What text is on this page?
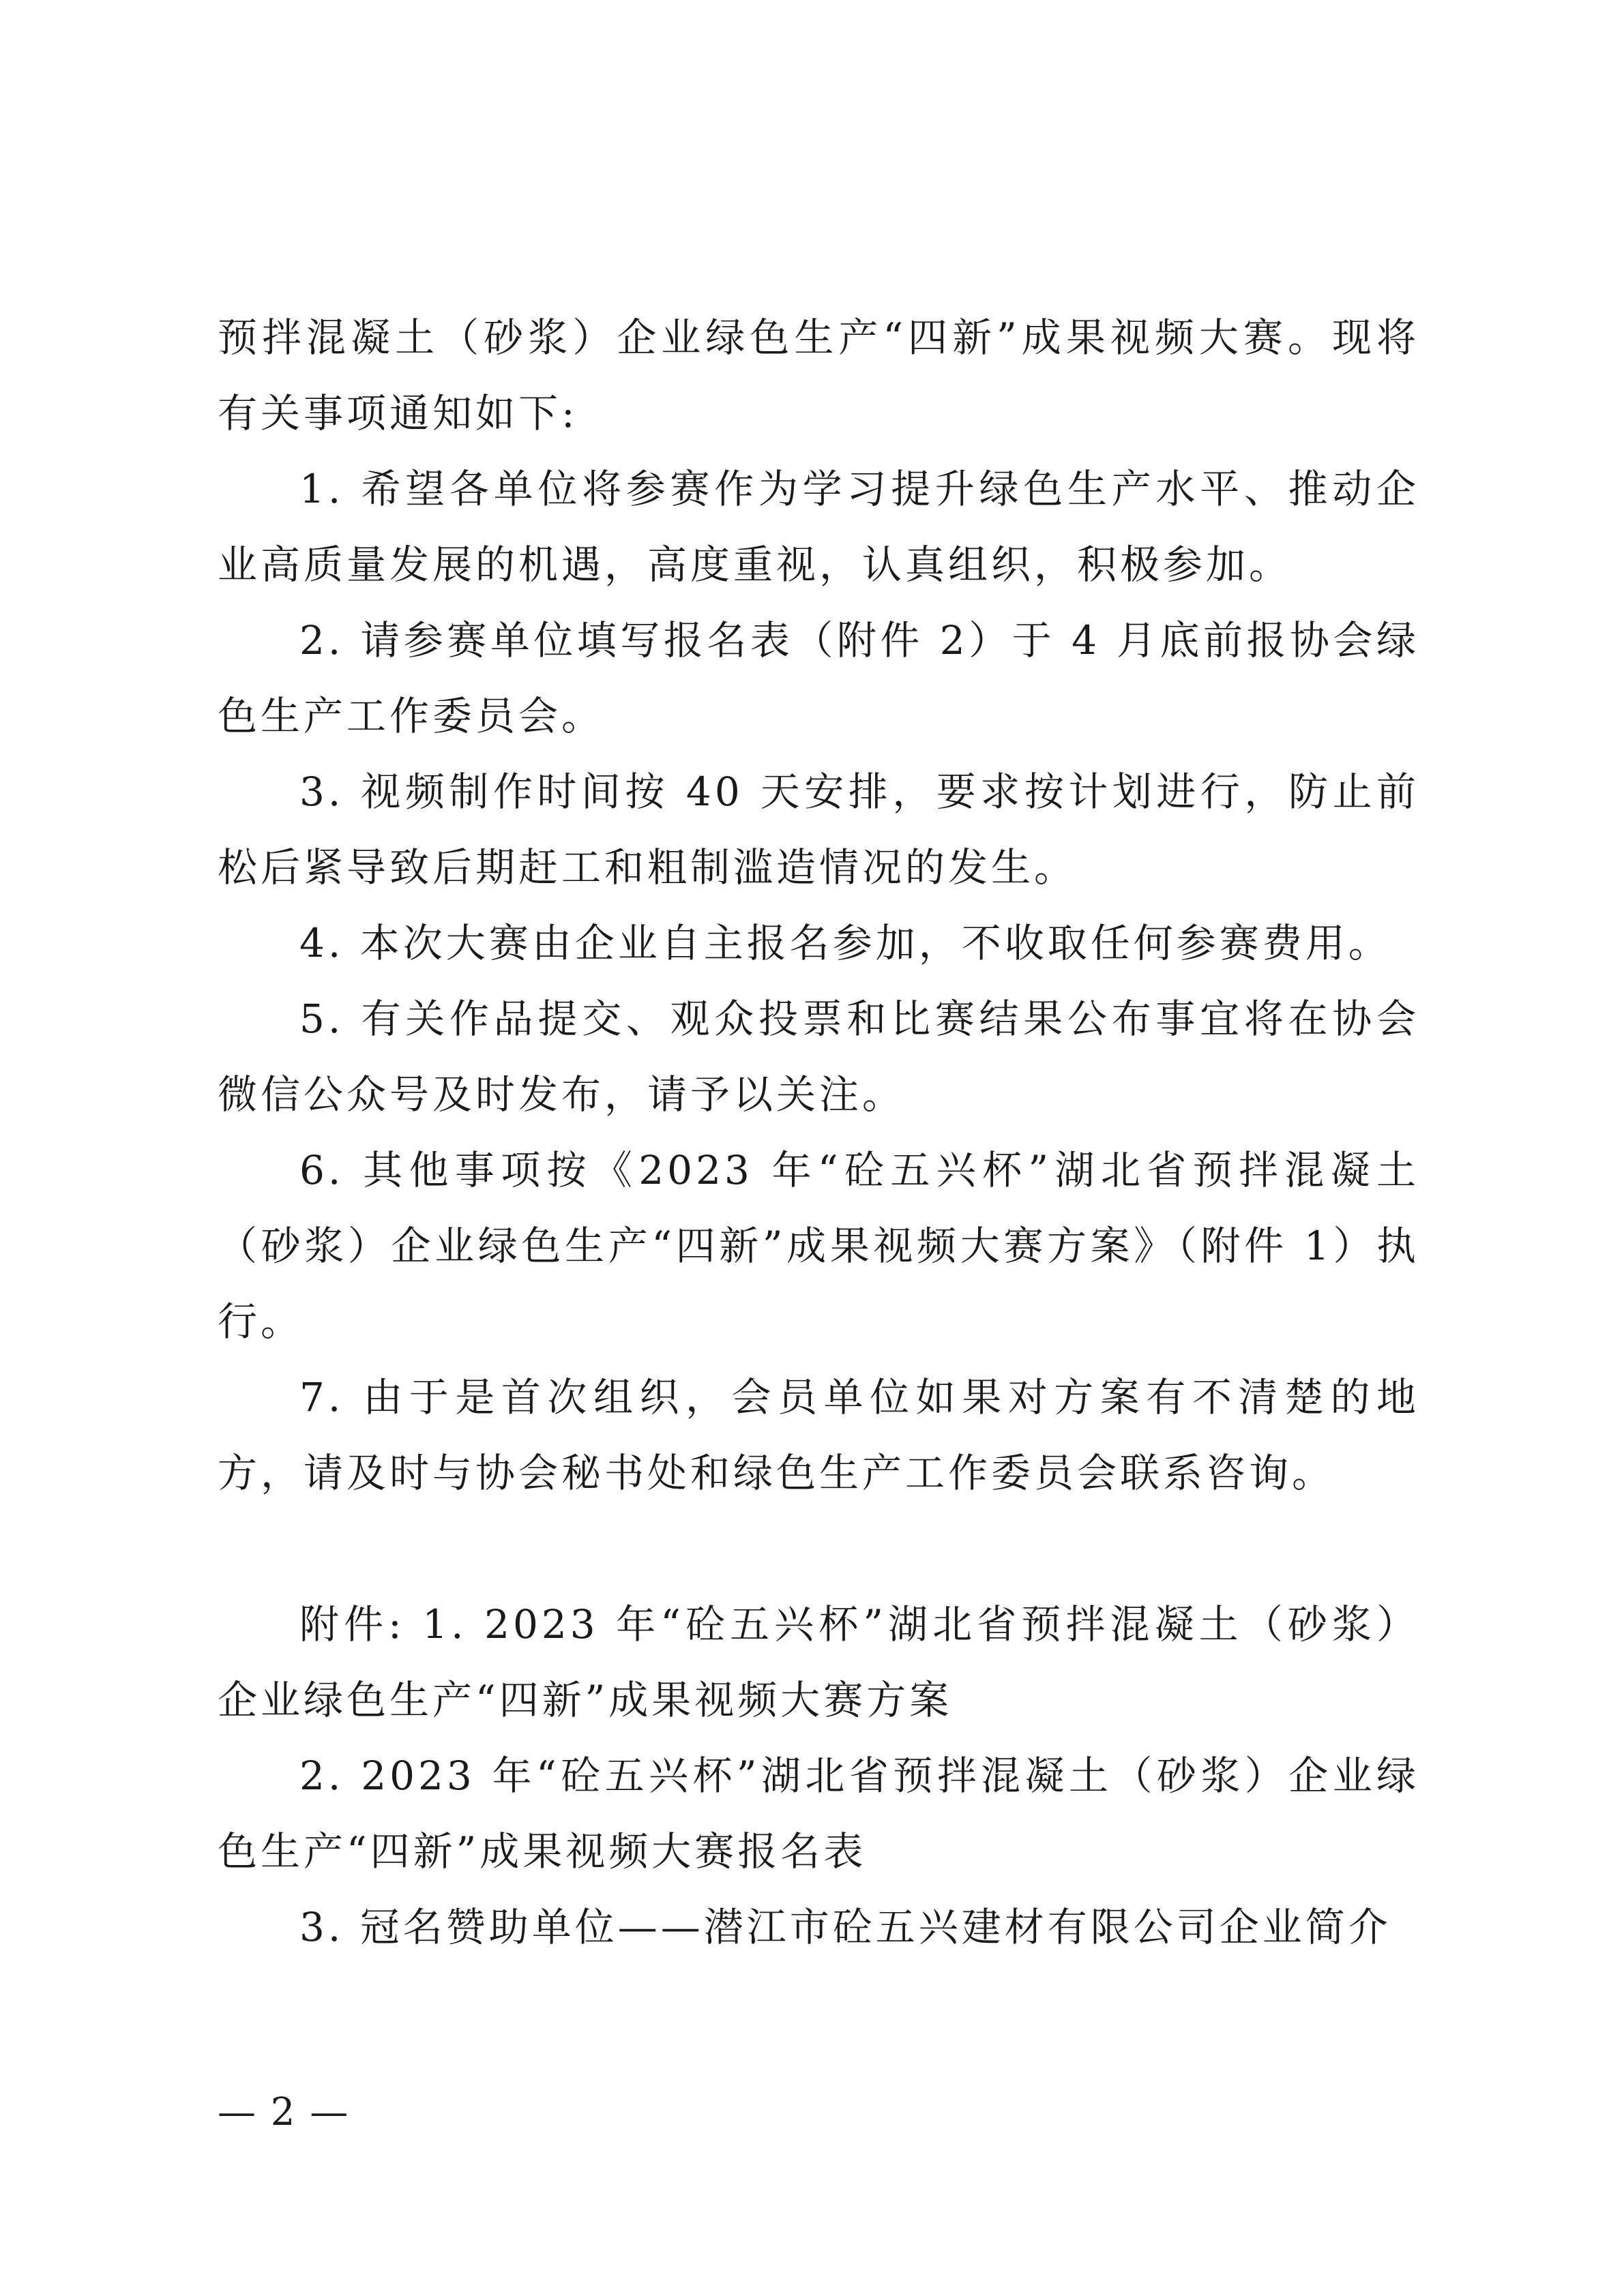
预拌混凝土（砂浆）企业绿色生产“四新”成果视频大赛。现将有关事项通知如下:

1. 希望各单位将参赛作为学习提升绿色生产水平、推动企业高质量发展的机遇，高度重视，认真组织，积极参加。

2. 请参赛单位填写报名表（附件 2）于 4 月底前报协会绿色生产工作委员会。

3. 视频制作时间按 40 天安排，要求按计划进行，防止前松后紧导致后期赶工和粗制滥造情况的发生。

4. 本次大赛由企业自主报名参加，不收取任何参赛费用。

5. 有关作品提交、观众投票和比赛结果公布事宜将在协会微信公众号及时发布，请予以关注。

6. 其他事项按《2023 年“砼五兴杯”湖北省预拌混凝土（砂浆）企业绿色生产“四新”成果视频大赛方案》（附件 1）执行。

7. 由于是首次组织，会员单位如果对方案有不清楚的地方，请及时与协会秘书处和绿色生产工作委员会联系咨询。

附件: 1. 2023 年“砼五兴杯”湖北省预拌混凝土（砂浆）企业绿色生产“四新”成果视频大赛方案

2. 2023 年“砼五兴杯”湖北省预拌混凝土（砂浆）企业绿色生产“四新”成果视频大赛报名表

3. 冠名赞助单位——潜江市砼五兴建材有限公司企业简介

— 2 —
